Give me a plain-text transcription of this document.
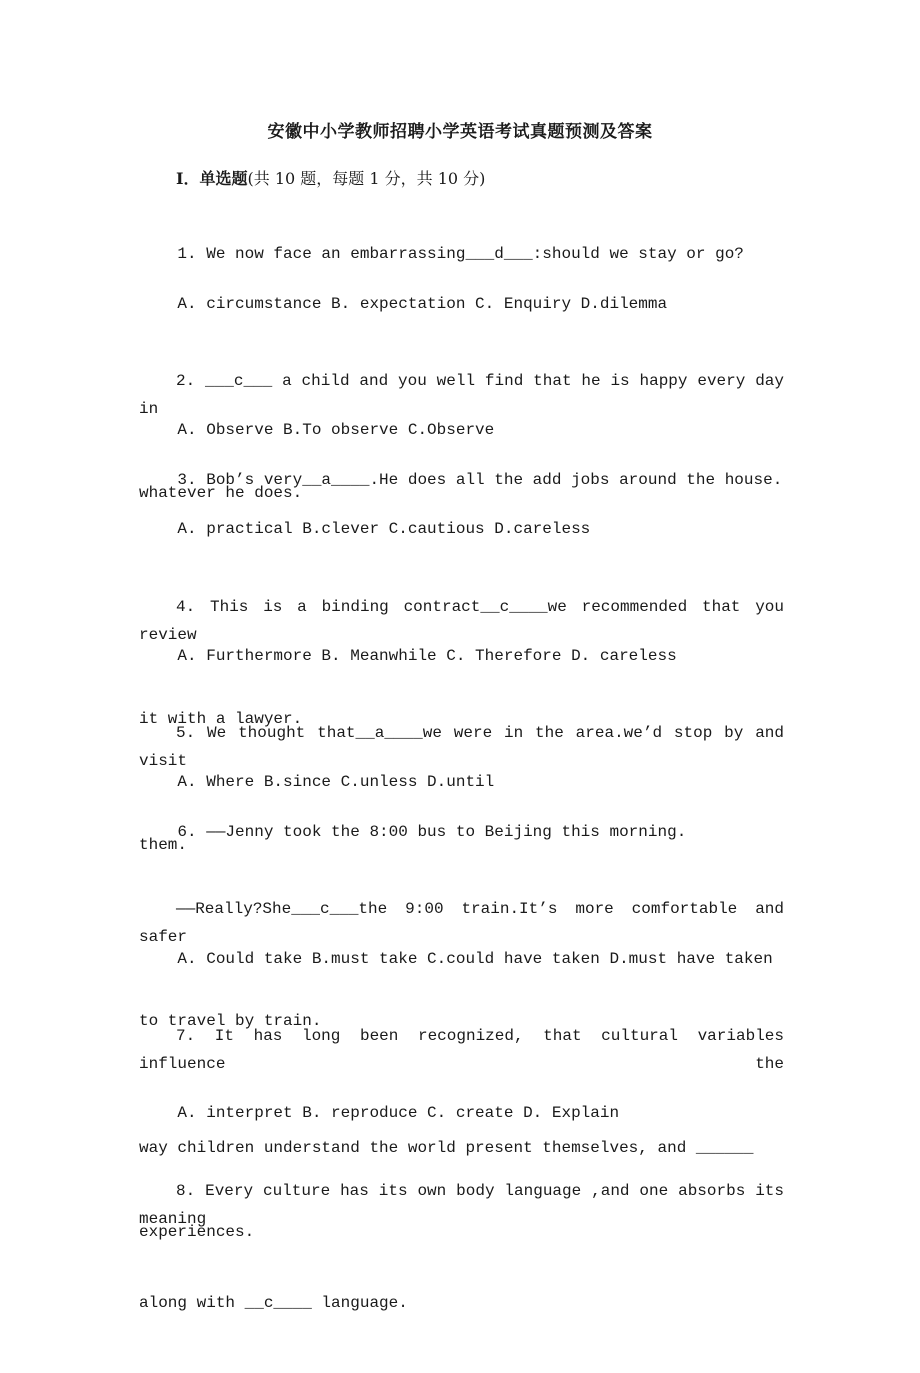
安徽中小学教师招聘小学英语考试真题预测及答案
Ⅰ．单选题(共 10 题，每题 1 分，共 10 分)

1. We now face an embarrassing___d___:should we stay or go?

A. circumstance B. expectation C. Enquiry D.dilemma

2. ___c___ a child and you well find that he is happy every day in

whatever he does.

A. Observe B.To observe C.Observe

3. Bob’s very__a____.He does all the add jobs around the house.

A. practical B.clever C.cautious D.careless

4. This is a binding contract__c____we recommended that you review

it with a lawyer.

A. Furthermore B. Meanwhile C. Therefore D. careless

5. We thought that__a____we were in the area.we’d stop by and visit

them.

A. Where B.since C.unless D.until

6. ——Jenny took the 8:00 bus to Beijing this morning.

——Really?She___c___the 9:00 train.It’s more comfortable and safer

to travel by train.

A. Could take B.must take C.could have taken D.must have taken

7. It has long been recognized, that cultural variables influence the

way children understand the world present themselves, and ______

experiences.

A. interpret B. reproduce C. create D. Explain

8. Every culture has its own body language ,and one absorbs its meaning

along with __c____ language.
